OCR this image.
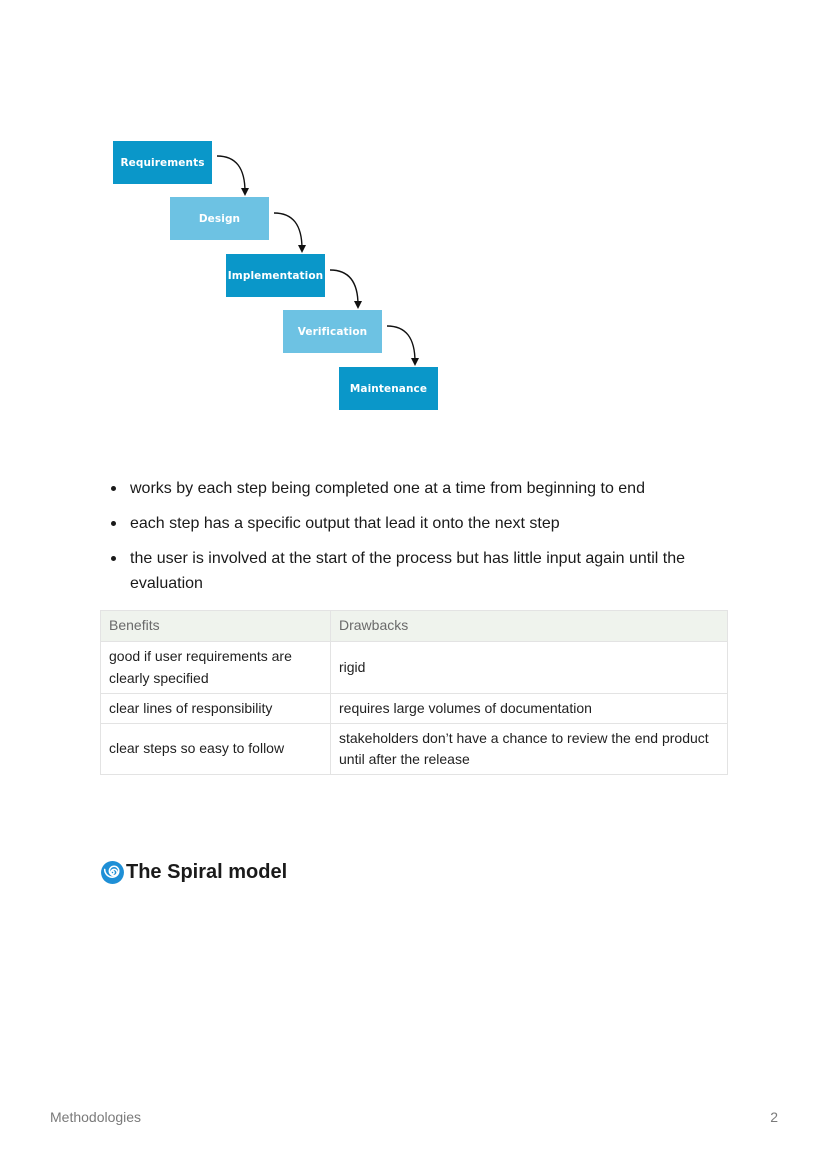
Requirements
Design
Implementation
Verification
Maintenance
works by each step being completed one at a time from beginning to end
each step has a specific output that lead it onto the next step
the user is involved at the start of the process but has little input again until the evaluation
Benefits	Drawbacks
good if user requirements are clearly specified	rigid
clear lines of responsibility	requires large volumes of documentation
clear steps so easy to follow	stakeholders don’t have a chance to review the end product until after the release
The Spiral model
Methodologies	2
